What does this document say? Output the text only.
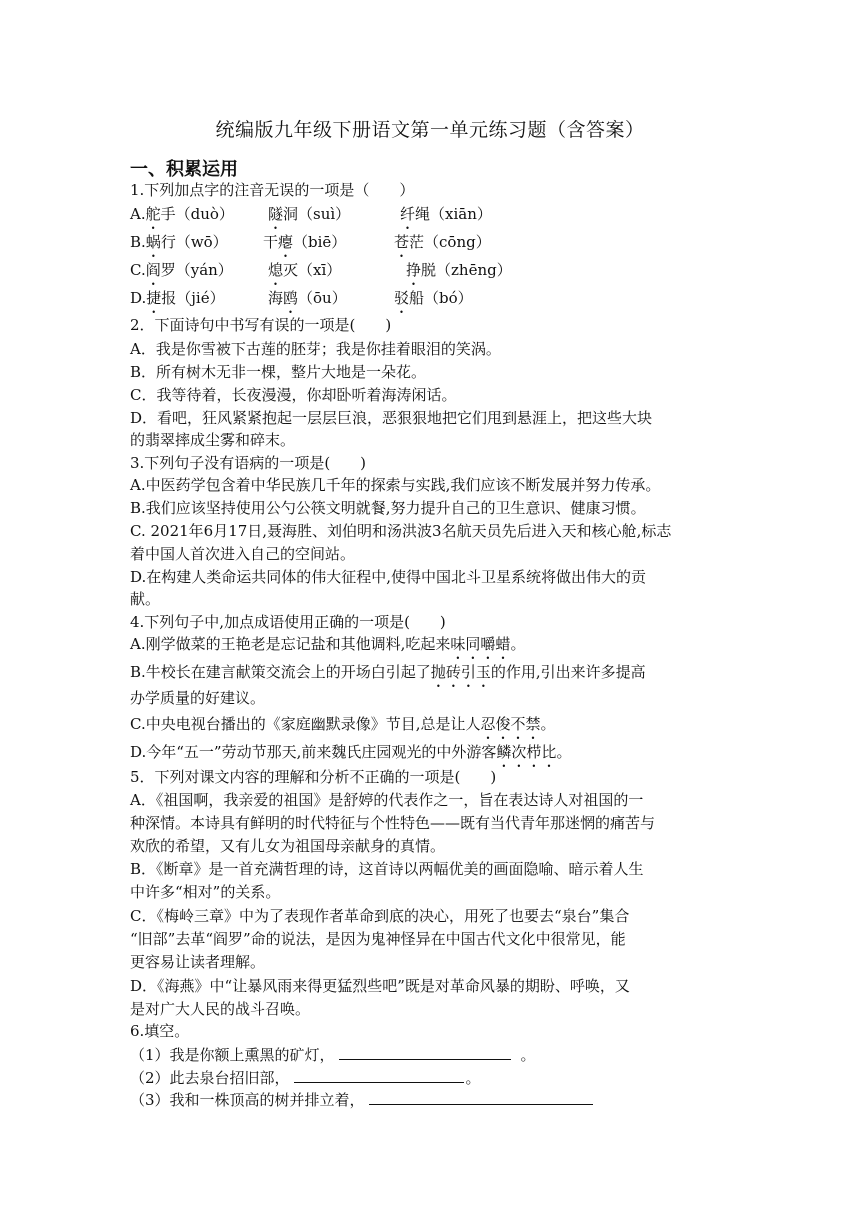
统编版九年级下册语文第一单元练习题（含答案）
一、积累运用
1.下列加点字的注音无误的一项是（　　）
A.舵手（duò） 隧洞（suì）	纤绳（xiān）
B.蜗行（wō） 干瘪（biē）	苍茫（cōng）
C.阎罗（yán） 熄灭（xī）	挣脱（zhēng）
D.捷报（jié）	海鸥（ōu）	驳船（bó）
2．下面诗句中书写有误的一项是(　　)
A．我是你雪被下古莲的胚芽；我是你挂着眼泪的笑涡。
B．所有树木无非一棵，整片大地是一朵花。
C．我等待着，长夜漫漫，你却卧听着海涛闲话。
D．看吧，狂风紧紧抱起一层层巨浪，恶狠狠地把它们甩到悬涯上，把这些大块
的翡翠摔成尘雾和碎末。
3.下列句子没有语病的一项是(　　)
A.中医药学包含着中华民族几千年的探索与实践,我们应该不断发展并努力传承。
B.我们应该坚持使用公勺公筷文明就餐,努力提升自己的卫生意识、健康习惯。
C. 2021年6月17日,聂海胜、刘伯明和汤洪波3名航天员先后进入天和核心舱,标志
着中国人首次进入自己的空间站。
D.在构建人类命运共同体的伟大征程中,使得中国北斗卫星系统将做出伟大的贡
献。
4.下列句子中,加点成语使用正确的一项是(　　)
A.刚学做菜的王艳老是忘记盐和其他调料,吃起来味同嚼蜡。
B.牛校长在建言献策交流会上的开场白引起了抛砖引玉的作用,引出来许多提高
办学质量的好建议。
C.中央电视台播出的《家庭幽默录像》节目,总是让人忍俊不禁。
D.今年“五一”劳动节那天,前来魏氏庄园观光的中外游客鳞次栉比。
5．下列对课文内容的理解和分析不正确的一项是(　　)
A．《祖国啊，我亲爱的祖国》是舒婷的代表作之一，旨在表达诗人对祖国的一
种深情。本诗具有鲜明的时代特征与个性特色——既有当代青年那迷惘的痛苦与
欢欣的希望，又有儿女为祖国母亲献身的真情。
B．《断章》是一首充满哲理的诗，这首诗以两幅优美的画面隐喻、暗示着人生
中许多“相对”的关系。
C．《梅岭三章》中为了表现作者革命到底的决心，用死了也要去“泉台”集合
“旧部”去革“阎罗”命的说法，是因为鬼神怪异在中国古代文化中很常见，能
更容易让读者理解。
D．《海燕》中“让暴风雨来得更猛烈些吧”既是对革命风暴的期盼、呼唤，又
是对广大人民的战斗召唤。
6.填空。
（1）我是你额上熏黑的矿灯，	。
（2）此去泉台招旧部，	。
（3）我和一株顶高的树并排立着，
